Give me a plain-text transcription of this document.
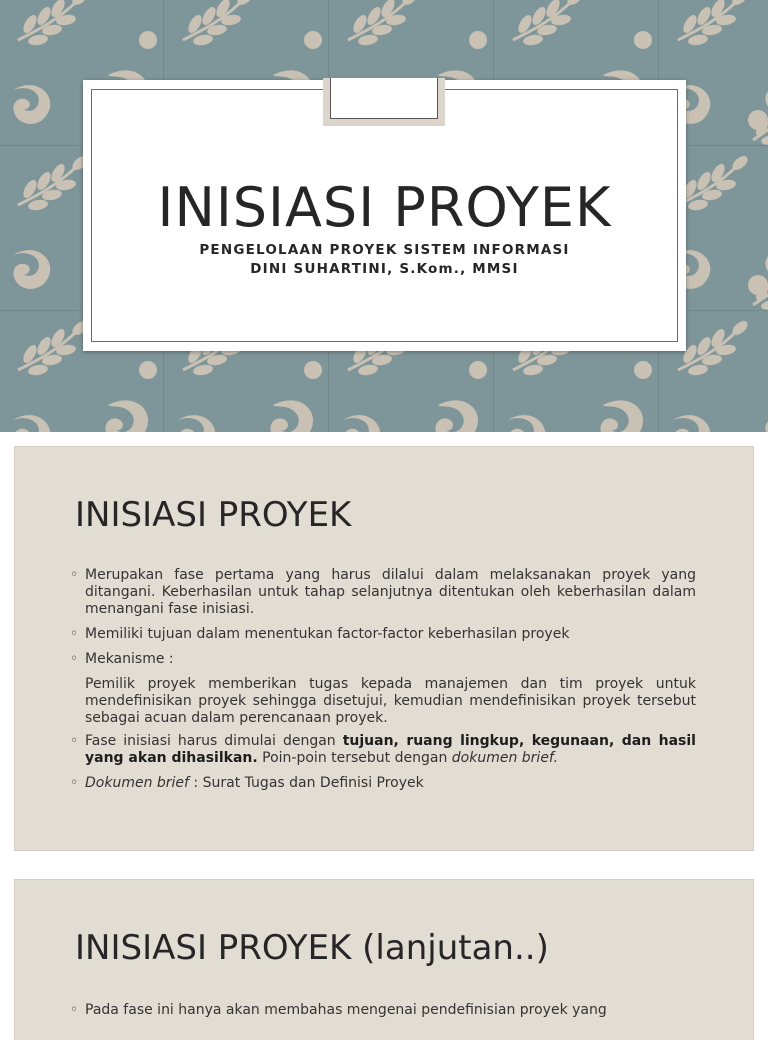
INISIASI PROYEK
PENGELOLAAN PROYEK SISTEM INFORMASI
DINI SUHARTINI, S.Kom., MMSI
INISIASI PROYEK
◦ Merupakan fase pertama yang harus dilalui dalam melaksanakan proyek yang ditangani. Keberhasilan untuk tahap selanjutnya ditentukan oleh keberhasilan dalam menangani fase inisiasi.
◦ Memiliki tujuan dalam menentukan factor-factor keberhasilan proyek
◦ Mekanisme :
Pemilik proyek memberikan tugas kepada manajemen dan tim proyek untuk mendefinisikan proyek sehingga disetujui, kemudian mendefinisikan proyek tersebut sebagai acuan dalam perencanaan proyek.
◦ Fase inisiasi harus dimulai dengan tujuan, ruang lingkup, kegunaan, dan hasil yang akan dihasilkan. Poin-poin tersebut dengan dokumen brief.
◦ Dokumen brief : Surat Tugas dan Definisi Proyek
INISIASI PROYEK (lanjutan..)
◦ Pada fase ini hanya akan membahas mengenai pendefinisian proyek yang
